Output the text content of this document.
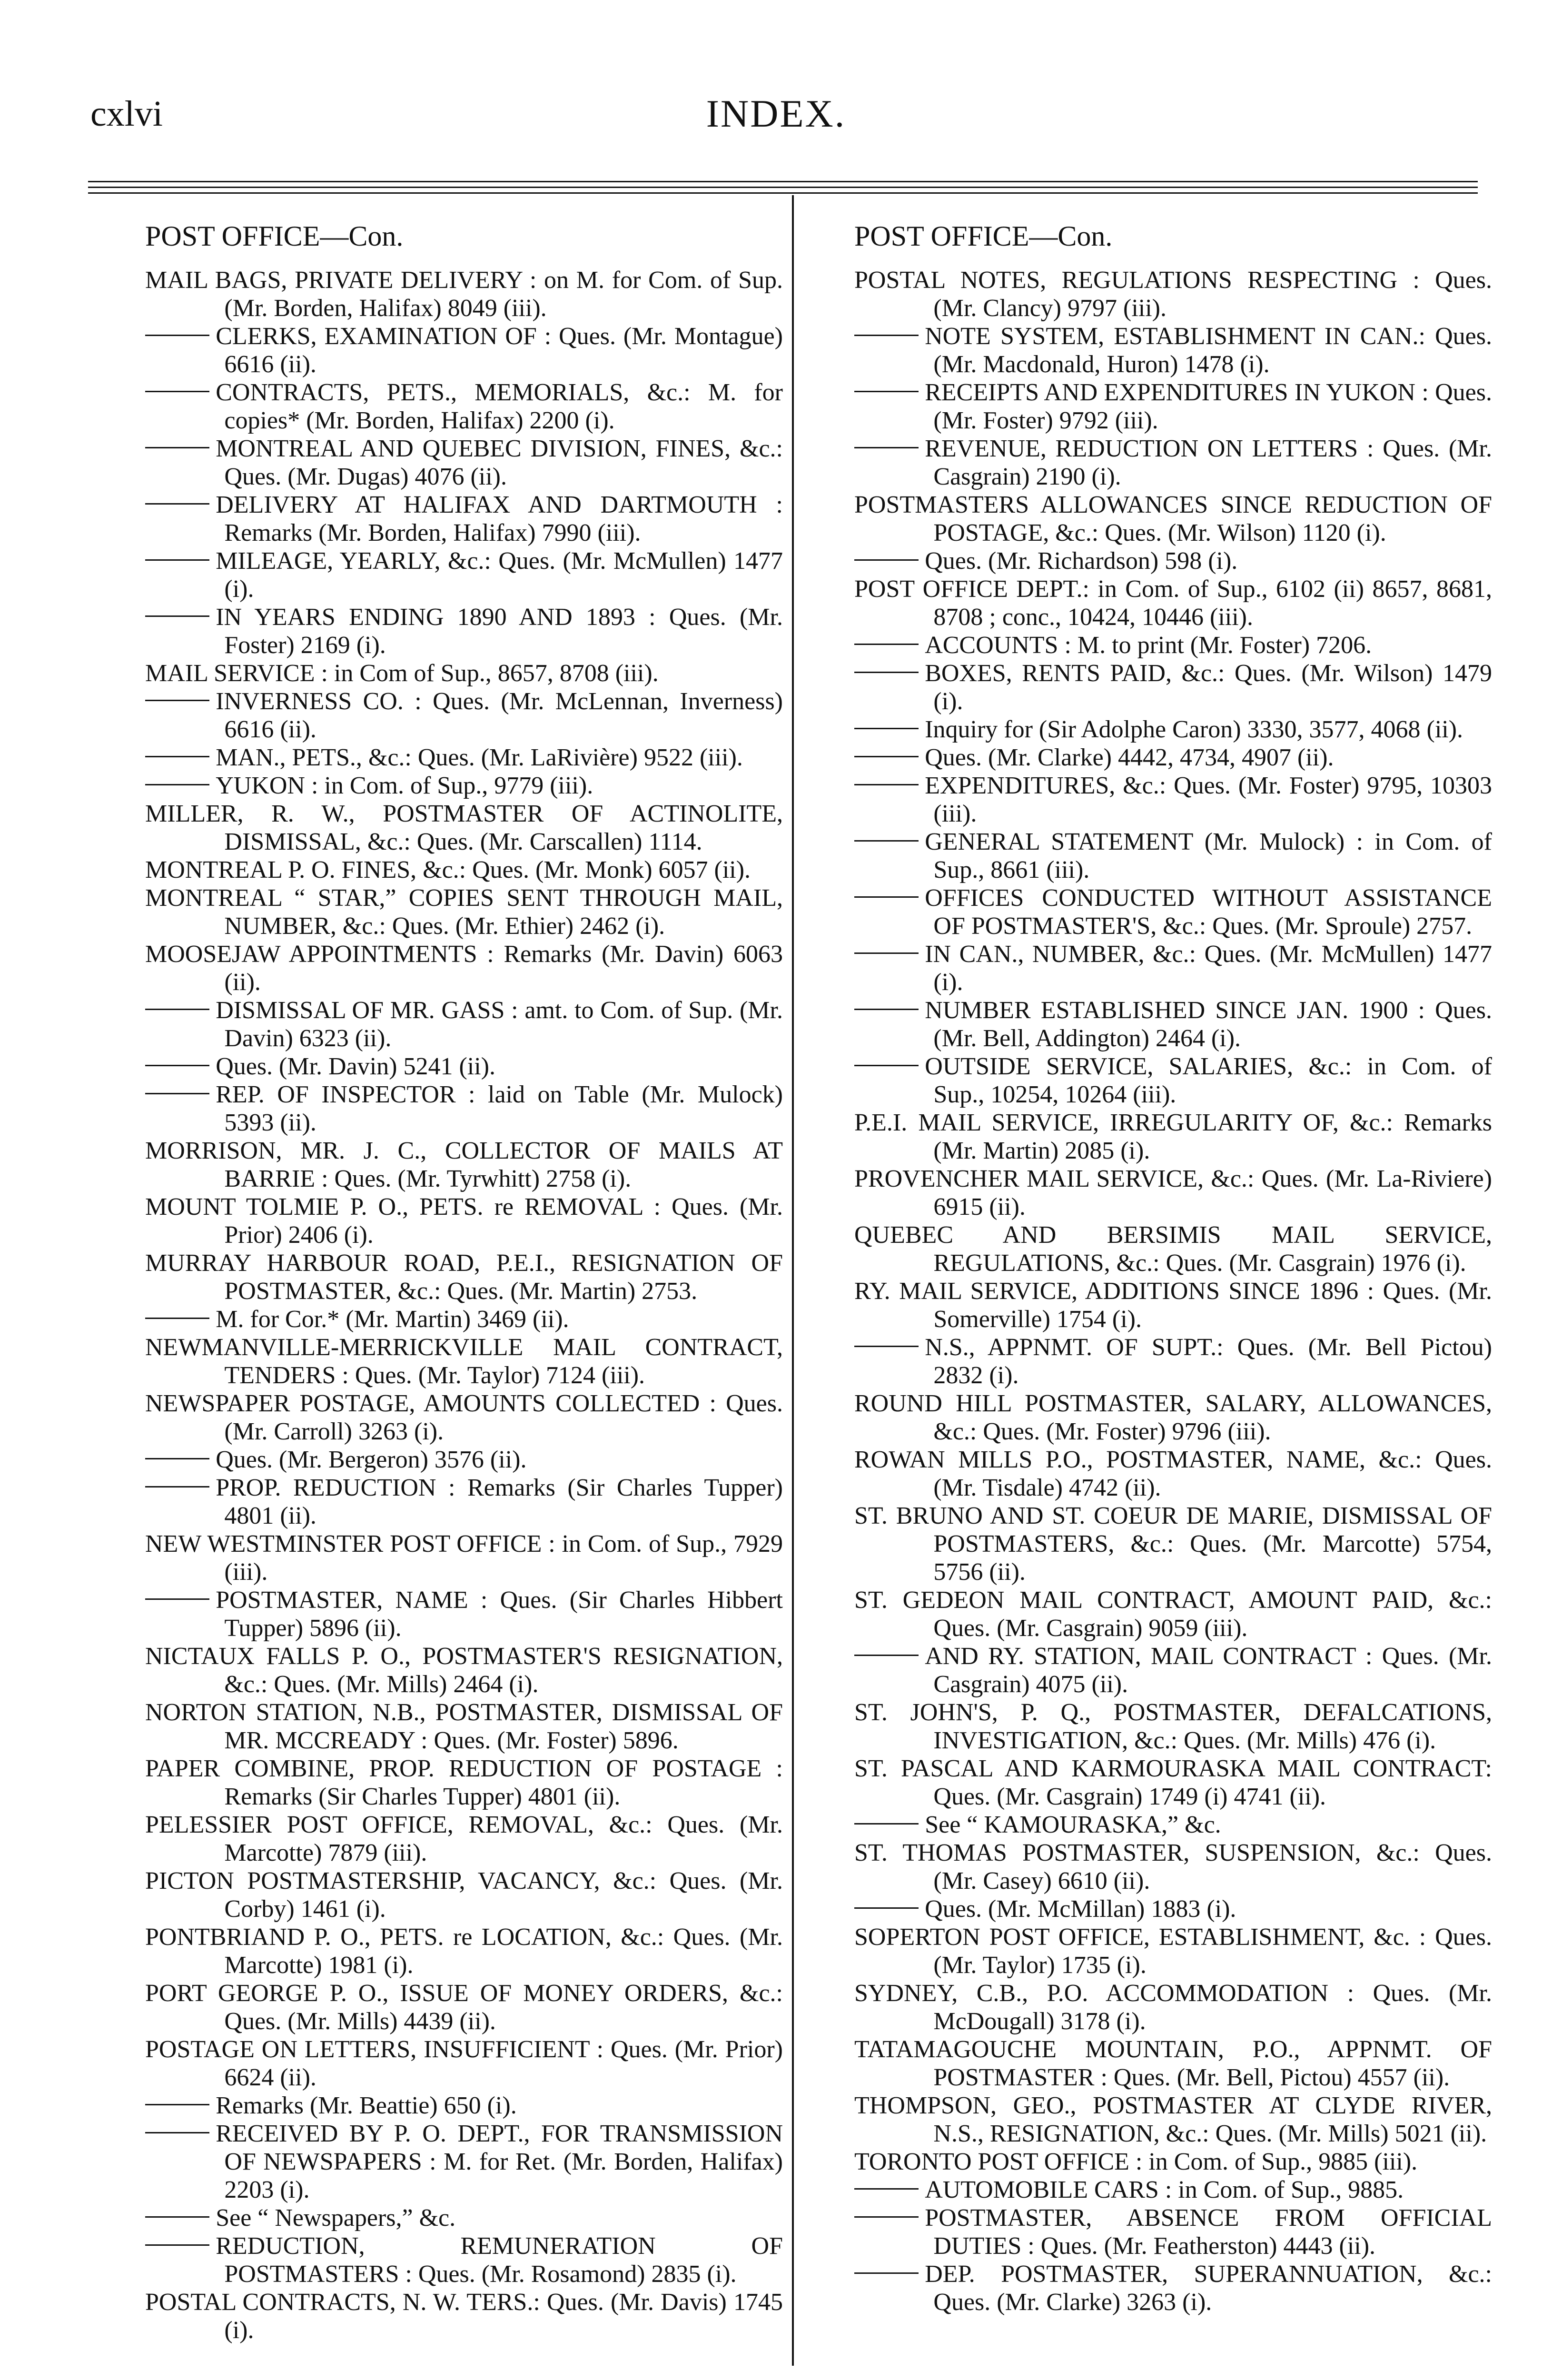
cxlvi	INDEX.
POST OFFICE—Con.

MAIL BAGS, PRIVATE DELIVERY : on M. for Com. of Sup. (Mr. Borden, Halifax) 8049 (iii).

CLERKS, EXAMINATION OF : Ques. (Mr. Montague) 6616 (ii).

CONTRACTS, PETS., MEMORIALS, &c.: M. for copies* (Mr. Borden, Halifax) 2200 (i).

MONTREAL AND QUEBEC DIVISION, FINES, &c.: Ques. (Mr. Dugas) 4076 (ii).

DELIVERY AT HALIFAX AND DARTMOUTH : Remarks (Mr. Borden, Halifax) 7990 (iii).

MILEAGE, YEARLY, &c.: Ques. (Mr. McMullen) 1477 (i).

IN YEARS ENDING 1890 AND 1893 : Ques. (Mr. Foster) 2169 (i).

MAIL SERVICE : in Com of Sup., 8657, 8708 (iii).

INVERNESS CO. : Ques. (Mr. McLennan, Inverness) 6616 (ii).

MAN., PETS., &c.: Ques. (Mr. LaRivière) 9522 (iii).

YUKON : in Com. of Sup., 9779 (iii).

MILLER, R. W., POSTMASTER OF ACTINOLITE, DISMISSAL, &c.: Ques. (Mr. Carscallen) 1114.

MONTREAL P. O. FINES, &c.: Ques. (Mr. Monk) 6057 (ii).

MONTREAL “ STAR,” COPIES SENT THROUGH MAIL, NUMBER, &c.: Ques. (Mr. Ethier) 2462 (i).

MOOSEJAW APPOINTMENTS : Remarks (Mr. Davin) 6063 (ii).

DISMISSAL OF MR. GASS : amt. to Com. of Sup. (Mr. Davin) 6323 (ii).

Ques. (Mr. Davin) 5241 (ii).

REP. OF INSPECTOR : laid on Table (Mr. Mulock) 5393 (ii).

MORRISON, MR. J. C., COLLECTOR OF MAILS AT BARRIE : Ques. (Mr. Tyrwhitt) 2758 (i).

MOUNT TOLMIE P. O., PETS. re REMOVAL : Ques. (Mr. Prior) 2406 (i).

MURRAY HARBOUR ROAD, P.E.I., RESIGNATION OF POSTMASTER, &c.: Ques. (Mr. Martin) 2753.

M. for Cor.* (Mr. Martin) 3469 (ii).

NEWMANVILLE-MERRICKVILLE MAIL CONTRACT, TENDERS : Ques. (Mr. Taylor) 7124 (iii).

NEWSPAPER POSTAGE, AMOUNTS COLLECTED : Ques. (Mr. Carroll) 3263 (i).

Ques. (Mr. Bergeron) 3576 (ii).

PROP. REDUCTION : Remarks (Sir Charles Tupper) 4801 (ii).

NEW WESTMINSTER POST OFFICE : in Com. of Sup., 7929 (iii).

POSTMASTER, NAME : Ques. (Sir Charles Hibbert Tupper) 5896 (ii).

NICTAUX FALLS P. O., POSTMASTER'S RESIGNATION, &c.: Ques. (Mr. Mills) 2464 (i).

NORTON STATION, N.B., POSTMASTER, DISMISSAL OF MR. MCCREADY : Ques. (Mr. Foster) 5896.

PAPER COMBINE, PROP. REDUCTION OF POSTAGE : Remarks (Sir Charles Tupper) 4801 (ii).

PELESSIER POST OFFICE, REMOVAL, &c.: Ques. (Mr. Marcotte) 7879 (iii).

PICTON POSTMASTERSHIP, VACANCY, &c.: Ques. (Mr. Corby) 1461 (i).

PONTBRIAND P. O., PETS. re LOCATION, &c.: Ques. (Mr. Marcotte) 1981 (i).

PORT GEORGE P. O., ISSUE OF MONEY ORDERS, &c.: Ques. (Mr. Mills) 4439 (ii).

POSTAGE ON LETTERS, INSUFFICIENT : Ques. (Mr. Prior) 6624 (ii).

Remarks (Mr. Beattie) 650 (i).

RECEIVED BY P. O. DEPT., FOR TRANSMISSION OF NEWSPAPERS : M. for Ret. (Mr. Borden, Halifax) 2203 (i).

See “ Newspapers,” &c.

REDUCTION, REMUNERATION OF POSTMASTERS : Ques. (Mr. Rosamond) 2835 (i).

POSTAL CONTRACTS, N. W. TERS.: Ques. (Mr. Davis) 1745 (i).

POST OFFICE—Con.

POSTAL NOTES, REGULATIONS RESPECTING : Ques. (Mr. Clancy) 9797 (iii).

NOTE SYSTEM, ESTABLISHMENT IN CAN.: Ques. (Mr. Macdonald, Huron) 1478 (i).

RECEIPTS AND EXPENDITURES IN YUKON : Ques. (Mr. Foster) 9792 (iii).

REVENUE, REDUCTION ON LETTERS : Ques. (Mr. Casgrain) 2190 (i).

POSTMASTERS ALLOWANCES SINCE REDUCTION OF POSTAGE, &c.: Ques. (Mr. Wilson) 1120 (i).

Ques. (Mr. Richardson) 598 (i).

POST OFFICE DEPT.: in Com. of Sup., 6102 (ii) 8657, 8681, 8708 ; conc., 10424, 10446 (iii).

ACCOUNTS : M. to print (Mr. Foster) 7206.

BOXES, RENTS PAID, &c.: Ques. (Mr. Wilson) 1479 (i).

Inquiry for (Sir Adolphe Caron) 3330, 3577, 4068 (ii).

Ques. (Mr. Clarke) 4442, 4734, 4907 (ii).

EXPENDITURES, &c.: Ques. (Mr. Foster) 9795, 10303 (iii).

GENERAL STATEMENT (Mr. Mulock) : in Com. of Sup., 8661 (iii).

OFFICES CONDUCTED WITHOUT ASSISTANCE OF POSTMASTER'S, &c.: Ques. (Mr. Sproule) 2757.

IN CAN., NUMBER, &c.: Ques. (Mr. McMullen) 1477 (i).

NUMBER ESTABLISHED SINCE JAN. 1900 : Ques. (Mr. Bell, Addington) 2464 (i).

OUTSIDE SERVICE, SALARIES, &c.: in Com. of Sup., 10254, 10264 (iii).

P.E.I. MAIL SERVICE, IRREGULARITY OF, &c.: Remarks (Mr. Martin) 2085 (i).

PROVENCHER MAIL SERVICE, &c.: Ques. (Mr. La-Riviere) 6915 (ii).

QUEBEC AND BERSIMIS MAIL SERVICE, REGULATIONS, &c.: Ques. (Mr. Casgrain) 1976 (i).

RY. MAIL SERVICE, ADDITIONS SINCE 1896 : Ques. (Mr. Somerville) 1754 (i).

N.S., APPNMT. OF SUPT.: Ques. (Mr. Bell Pictou) 2832 (i).

ROUND HILL POSTMASTER, SALARY, ALLOWANCES, &c.: Ques. (Mr. Foster) 9796 (iii).

ROWAN MILLS P.O., POSTMASTER, NAME, &c.: Ques. (Mr. Tisdale) 4742 (ii).

ST. BRUNO AND ST. COEUR DE MARIE, DISMISSAL OF POSTMASTERS, &c.: Ques. (Mr. Marcotte) 5754, 5756 (ii).

ST. GEDEON MAIL CONTRACT, AMOUNT PAID, &c.: Ques. (Mr. Casgrain) 9059 (iii).

AND RY. STATION, MAIL CONTRACT : Ques. (Mr. Casgrain) 4075 (ii).

ST. JOHN'S, P. Q., POSTMASTER, DEFALCATIONS, INVESTIGATION, &c.: Ques. (Mr. Mills) 476 (i).

ST. PASCAL AND KARMOURASKA MAIL CONTRACT: Ques. (Mr. Casgrain) 1749 (i) 4741 (ii).

See “ KAMOURASKA,” &c.

ST. THOMAS POSTMASTER, SUSPENSION, &c.: Ques. (Mr. Casey) 6610 (ii).

Ques. (Mr. McMillan) 1883 (i).

SOPERTON POST OFFICE, ESTABLISHMENT, &c. : Ques. (Mr. Taylor) 1735 (i).

SYDNEY, C.B., P.O. ACCOMMODATION : Ques. (Mr. McDougall) 3178 (i).

TATAMAGOUCHE MOUNTAIN, P.O., APPNMT. OF POSTMASTER : Ques. (Mr. Bell, Pictou) 4557 (ii).

THOMPSON, GEO., POSTMASTER AT CLYDE RIVER, N.S., RESIGNATION, &c.: Ques. (Mr. Mills) 5021 (ii).

TORONTO POST OFFICE : in Com. of Sup., 9885 (iii).

AUTOMOBILE CARS : in Com. of Sup., 9885.

POSTMASTER, ABSENCE FROM OFFICIAL DUTIES : Ques. (Mr. Featherston) 4443 (ii).

DEP. POSTMASTER, SUPERANNUATION, &c.: Ques. (Mr. Clarke) 3263 (i).
